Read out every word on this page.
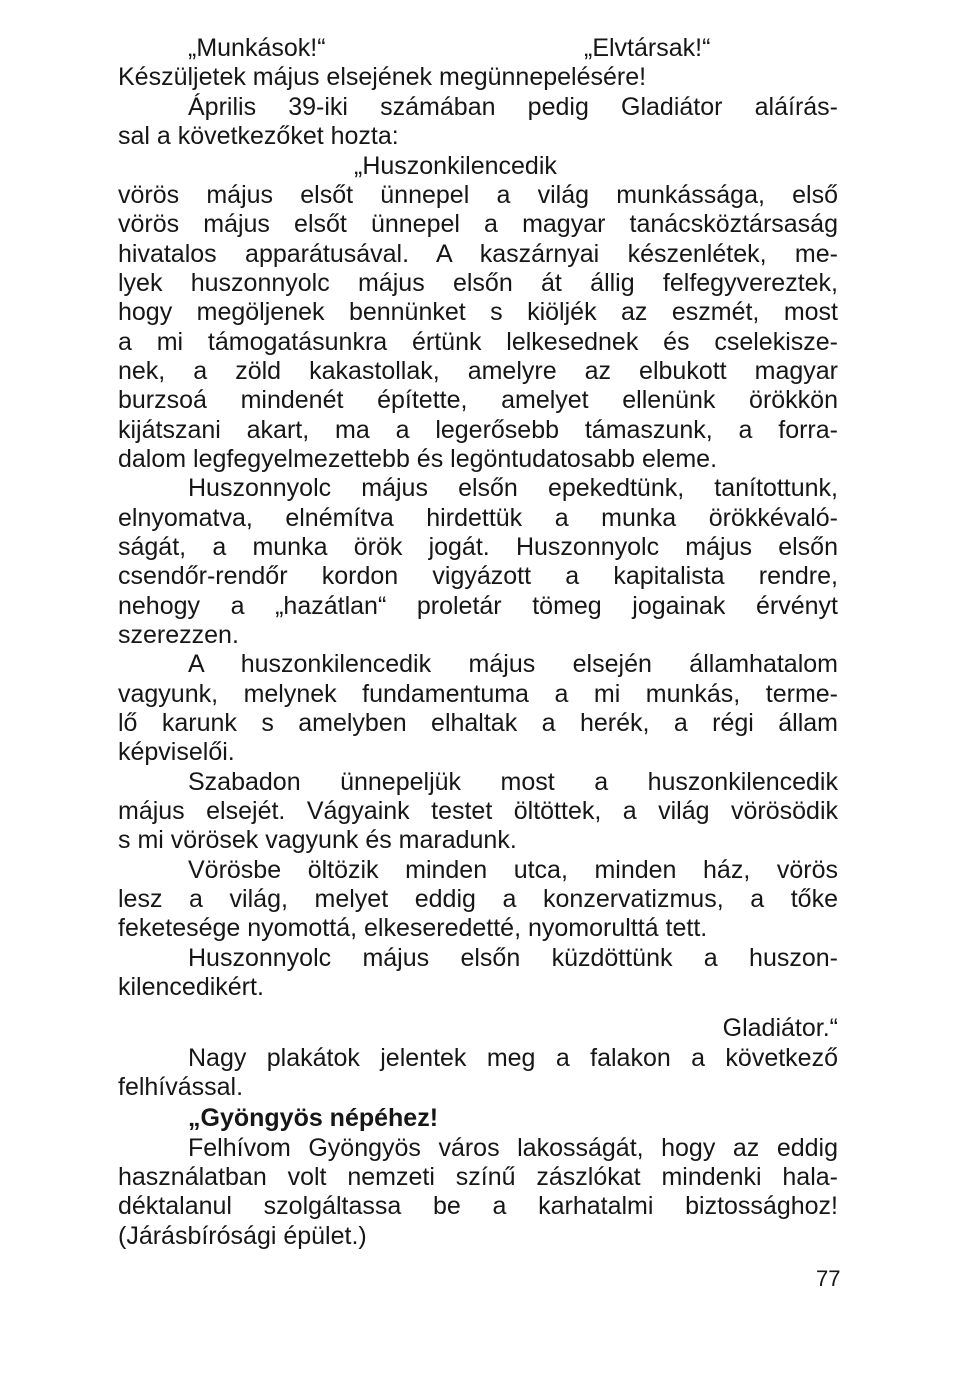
„Munkások!“	„Elvtársak!“
Készüljetek május elsejének megünnepelésére!
Április 39-iki számában pedig Gladiátor aláírás-
sal a következőket hozta:
„Huszonkilencedik
vörös május elsőt ünnepel a világ munkássága, első
vörös május elsőt ünnepel a magyar tanácsköztársaság
hivatalos apparátusával. A kaszárnyai készenlétek, me-
lyek huszonnyolc május elsőn át állig felfegyvereztek,
hogy megöljenek bennünket s kiöljék az eszmét, most
a mi támogatásunkra értünk lelkesednek és cselekisze-
nek, a zöld kakastollak, amelyre az elbukott magyar
burzsoá mindenét építette, amelyet ellenünk örökkön
kijátszani akart, ma a legerősebb támaszunk, a forra-
dalom legfegyelmezettebb és legöntudatosabb eleme.
Huszonnyolc május elsőn epekedtünk, tanítottunk,
elnyomatva, elnémítva hirdettük a munka örökkévaló-
ságát, a munka örök jogát. Huszonnyolc május elsőn
csendőr-rendőr kordon vigyázott a kapitalista rendre,
nehogy a „hazátlan“ proletár tömeg jogainak érvényt
szerezzen.
A huszonkilencedik május elsején államhatalom
vagyunk, melynek fundamentuma a mi munkás, terme-
lő karunk s amelyben elhaltak a herék, a régi állam
képviselői.
Szabadon ünnepeljük most a huszonkilencedik
május elsejét. Vágyaink testet öltöttek, a világ vörösödik
s mi vörösek vagyunk és maradunk.
Vörösbe öltözik minden utca, minden ház, vörös
lesz a világ, melyet eddig a konzervatizmus, a tőke
feketesége nyomottá, elkeseredetté, nyomorulttá tett.
Huszonnyolc május elsőn küzdöttünk a huszon-
kilencedikért.
Gladiátor.“
Nagy plakátok jelentek meg a falakon a következő
felhívással.
„Gyöngyös népéhez!
Felhívom Gyöngyös város lakosságát, hogy az eddig
használatban volt nemzeti színű zászlókat mindenki hala-
déktalanul szolgáltassa be a karhatalmi biztossághoz!
(Járásbírósági épület.)
77
